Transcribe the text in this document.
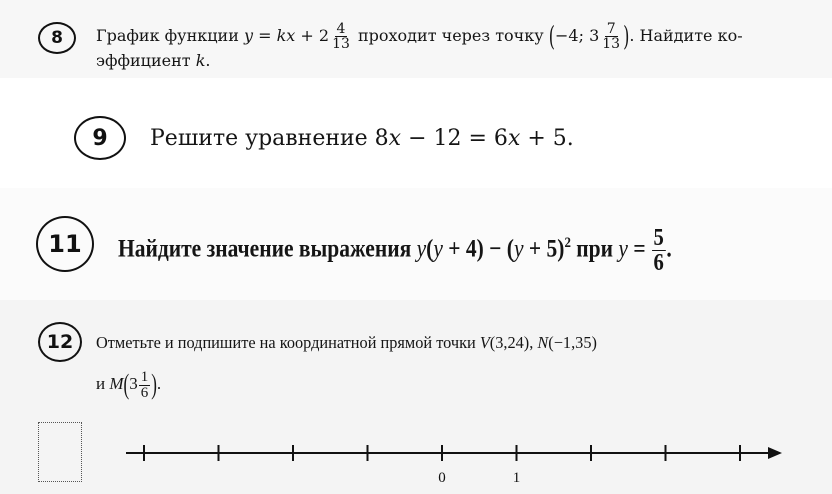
8 График функции y = kx + $2 \frac{4}{13}$ проходит через точку (−4; $3 \frac{7}{13}$ ). Найдите ко-
эффициент k.
9 Решите уравнение 8x − 12 = 6x + 5.
11 Найдите значение выражения $y(y + 4) - (y + 5)^2$ при $y = \frac{5}{6}$ .
12 Отметьте и подпишите на координатной прямой точки V(3,24), N(−1,35)
и $M(3 \frac{1}{6}$ ).
0	1
